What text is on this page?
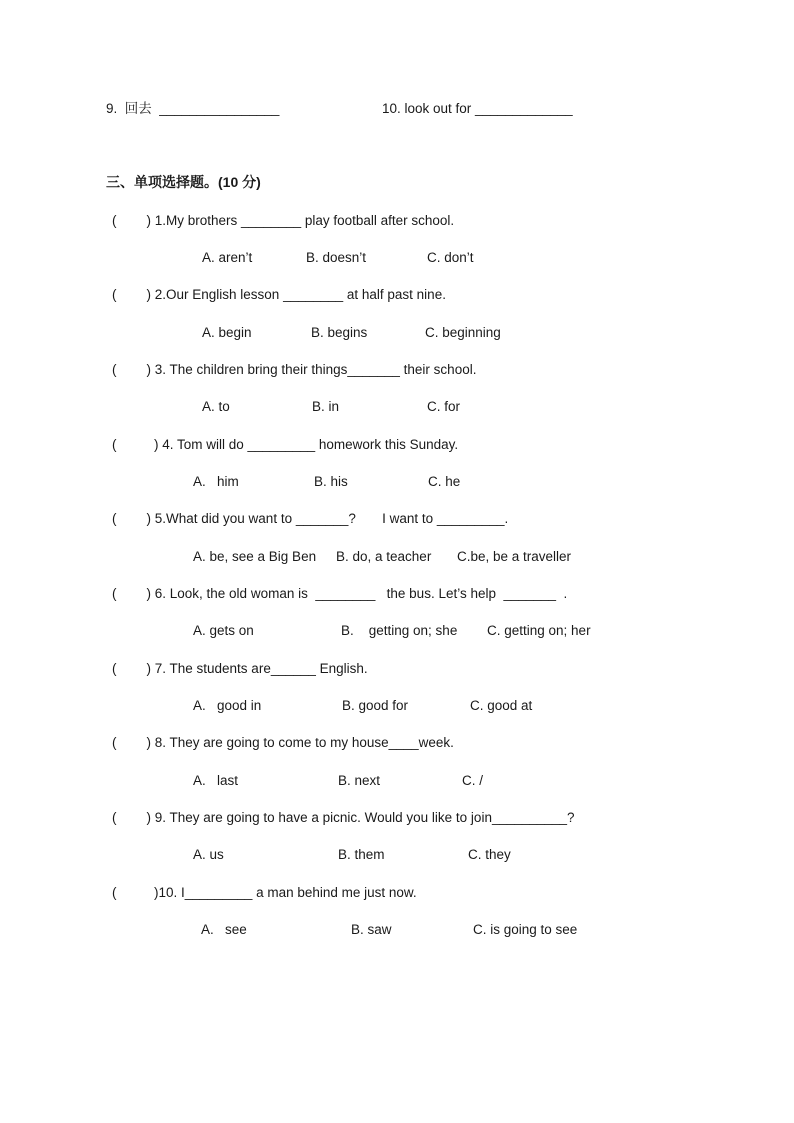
9.  回去  ________________	10. look out for _____________
三、单项选择题。(10 分)
(        ) 1.My brothers ________ play football after school.
A. aren’t	B. doesn’t	C. don’t
(        ) 2.Our English lesson ________ at half past nine.
A. begin	B. begins	C. beginning
(        ) 3. The children bring their things_______ their school.
A. to	B. in	C. for
(          ) 4. Tom will do _________ homework this Sunday.
A.   him	B. his	C. he
(        ) 5.What did you want to _______?       I want to _________.
A. be, see a Big Ben B. do, a teacher C.be, be a traveller
(        ) 6. Look, the old woman is  ________   the bus. Let’s help  _______  .
A. gets on	B.    getting on; she C. getting on; her
(        ) 7. The students are______ English.
A.   good in	B. good for	C. good at
(        ) 8. They are going to come to my house____week.
A.   last	B. next	C. /
(        ) 9. They are going to have a picnic. Would you like to join__________?
A. us	B. them	C. they
(          )10. I_________ a man behind me just now.
A.   see	B. saw	C. is going to see
